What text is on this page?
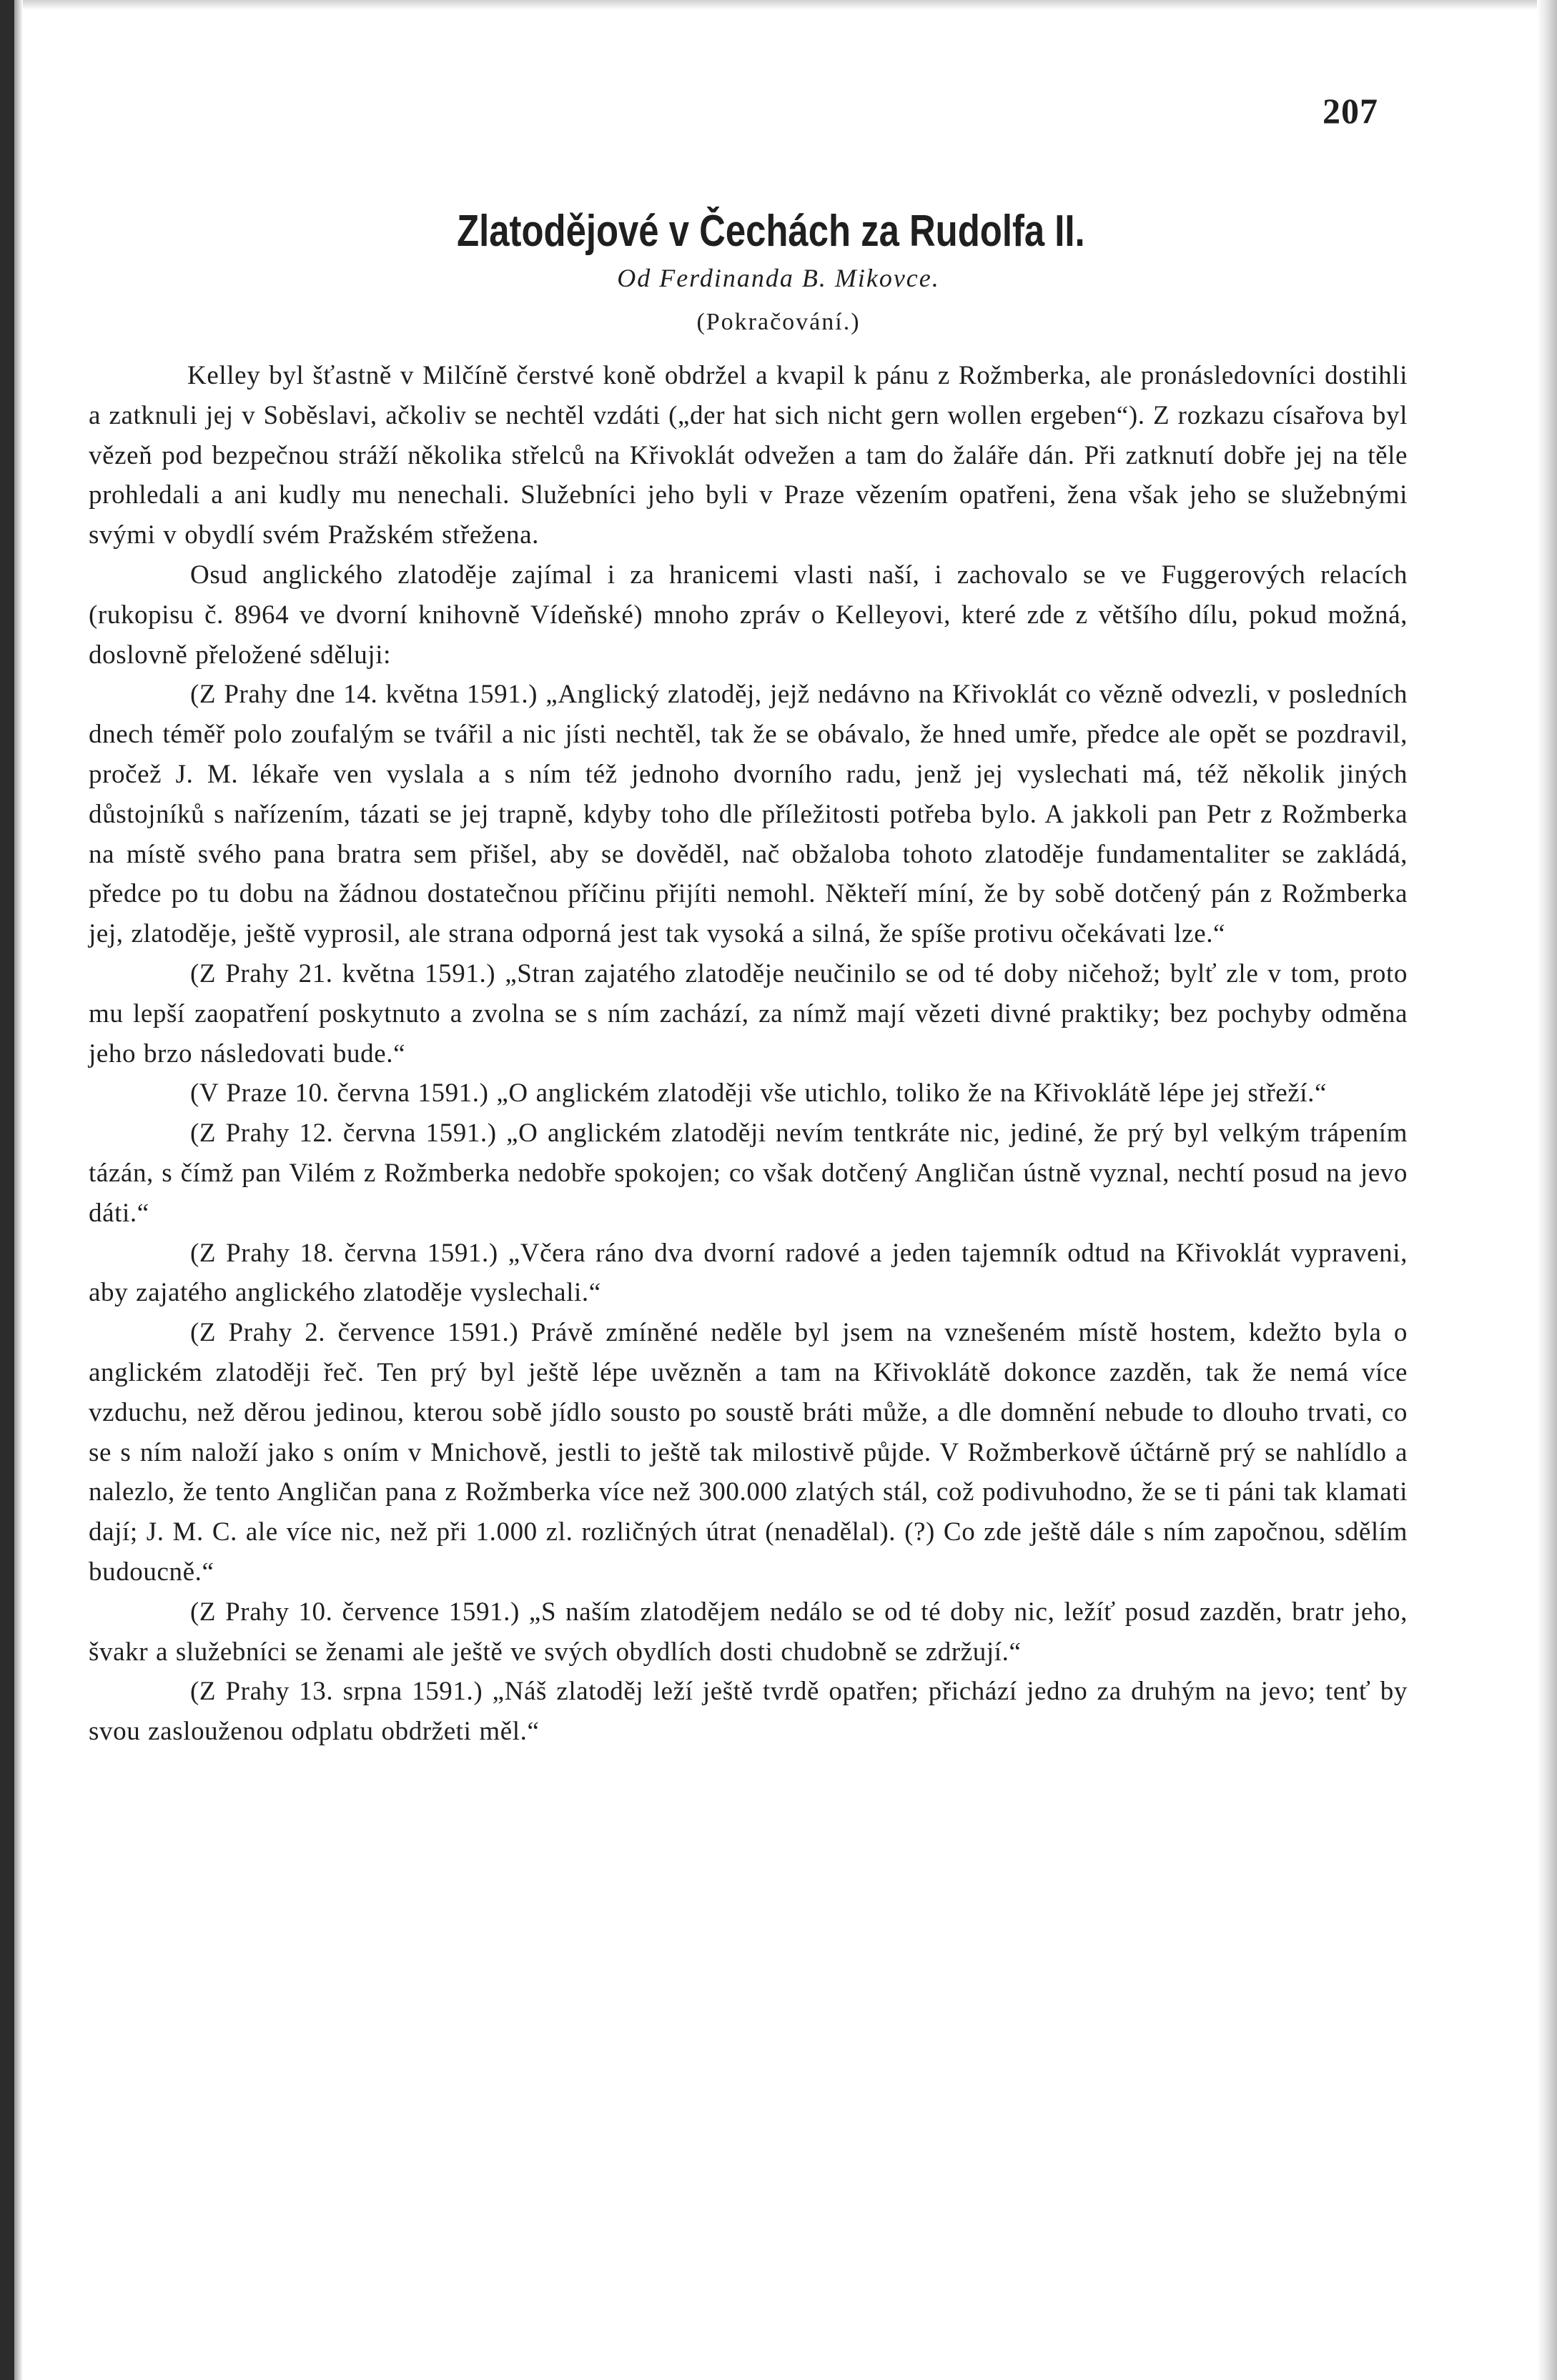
207
Zlatodějové v Čechách za Rudolfa II.
Od Ferdinanda B. Mikovce.
(Pokračování.)

Kelley byl šťastně v Milčíně čerstvé koně obdržel a kvapil k pánu z Rožmberka, ale pronásledovníci dostihli a zatknuli jej v Soběslavi, ačkoliv se nechtěl vzdáti („der hat sich nicht gern wollen ergeben“). Z rozkazu císařova byl vězeň pod bezpečnou stráží několika střelců na Křivoklát odvežen a tam do žaláře dán. Při zatknutí dobře jej na těle prohledali a ani kudly mu nenechali. Služebníci jeho byli v Praze vězením opatřeni, žena však jeho se služebnými svými v obydlí svém Pražském střežena.

Osud anglického zlatoděje zajímal i za hranicemi vlasti naší, i zachovalo se ve Fuggerových relacích (rukopisu č. 8964 ve dvorní knihovně Vídeňské) mnoho zpráv o Kelleyovi, které zde z většího dílu, pokud možná, doslovně přeložené sděluji:

(Z Prahy dne 14. května 1591.) „Anglický zlatoděj, jejž nedávno na Křivoklát co vězně odvezli, v posledních dnech téměř polo zoufalým se tvářil a nic jísti nechtěl, tak že se obávalo, že hned umře, předce ale opět se pozdravil, pročež J. M. lékaře ven vyslala a s ním též jednoho dvorního radu, jenž jej vyslechati má, též několik jiných důstojníků s nařízením, tázati se jej trapně, kdyby toho dle příležitosti potřeba bylo. A jakkoli pan Petr z Rožmberka na místě svého pana bratra sem přišel, aby se dověděl, nač obžaloba tohoto zlatoděje fundamentaliter se zakládá, předce po tu dobu na žádnou dostatečnou příčinu přijíti nemohl. Někteří míní, že by sobě dotčený pán z Rožmberka jej, zlatoděje, ještě vyprosil, ale strana odporná jest tak vysoká a silná, že spíše protivu očekávati lze.“

(Z Prahy 21. května 1591.) „Stran zajatého zlatoděje neučinilo se od té doby ničehož; bylť zle v tom, proto mu lepší zaopatření poskytnuto a zvolna se s ním zachází, za nímž mají vězeti divné praktiky; bez pochyby odměna jeho brzo následovati bude.“

(V Praze 10. června 1591.) „O anglickém zlatoději vše utichlo, toliko že na Křivoklátě lépe jej střeží.“

(Z Prahy 12. června 1591.) „O anglickém zlatoději nevím tentkráte nic, jediné, že prý byl velkým trápením tázán, s čímž pan Vilém z Rožmberka nedobře spokojen; co však dotčený Angličan ústně vyznal, nechtí posud na jevo dáti.“

(Z Prahy 18. června 1591.) „Včera ráno dva dvorní radové a jeden tajemník odtud na Křivoklát vypraveni, aby zajatého anglického zlatoděje vyslechali.“

(Z Prahy 2. července 1591.) Právě zmíněné neděle byl jsem na vznešeném místě hostem, kdežto byla o anglickém zlatoději řeč. Ten prý byl ještě lépe uvězněn a tam na Křivoklátě dokonce zazděn, tak že nemá více vzduchu, než děrou jedinou, kterou sobě jídlo sousto po soustě bráti může, a dle domnění nebude to dlouho trvati, co se s ním naloží jako s oním v Mnichově, jestli to ještě tak milostivě půjde. V Rožmberkově účtárně prý se nahlídlo a nalezlo, že tento Angličan pana z Rožmberka více než 300.000 zlatých stál, což podivuhodno, že se ti páni tak klamati dají; J. M. C. ale více nic, než při 1.000 zl. rozličných útrat (nenadělal). (?) Co zde ještě dále s ním započnou, sdělím budoucně.“

(Z Prahy 10. července 1591.) „S naším zlatodějem nedálo se od té doby nic, ležíť posud zazděn, bratr jeho, švakr a služebníci se ženami ale ještě ve svých obydlích dosti chudobně se zdržují.“

(Z Prahy 13. srpna 1591.) „Náš zlatoděj leží ještě tvrdě opatřen; přichází jedno za druhým na jevo; tenť by svou zaslouženou odplatu obdržeti měl.“
